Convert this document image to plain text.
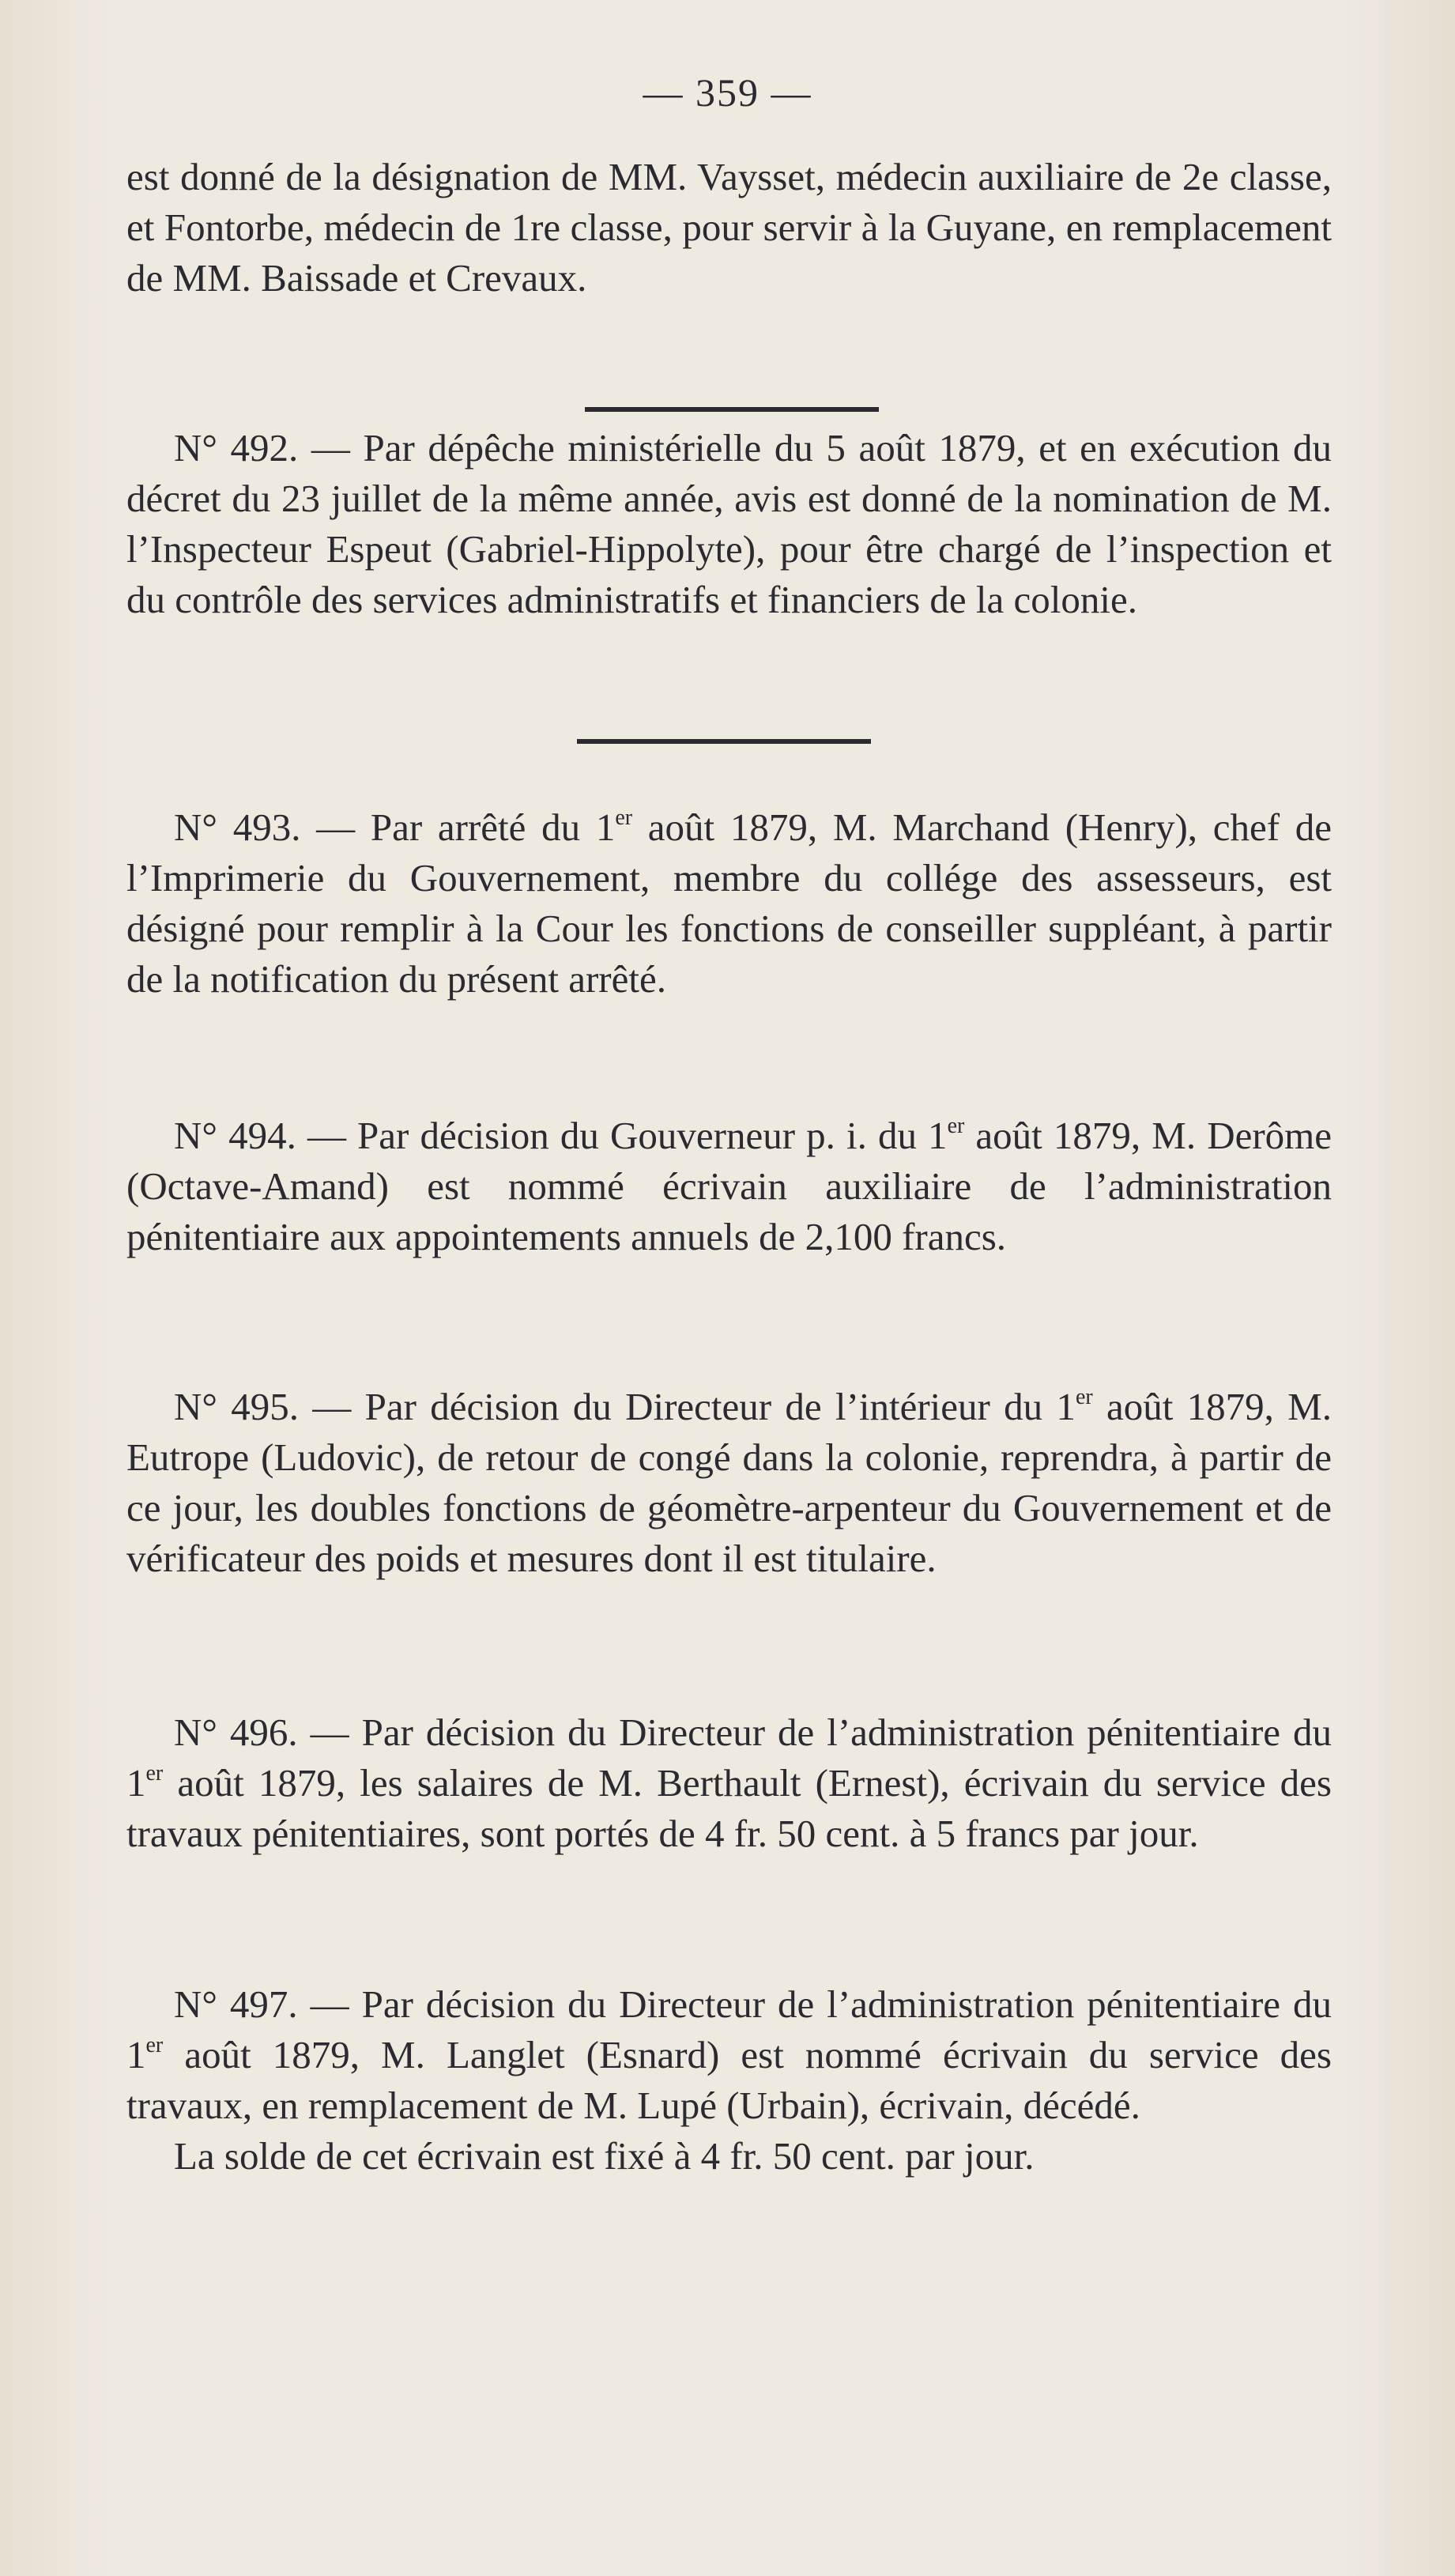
— 359 —

est donné de la désignation de MM. Vaysset, médecin auxiliaire de 2e classe, et Fontorbe, médecin de 1re classe, pour servir à la Guyane, en remplacement de MM. Baissade et Crevaux.

N° 492. — Par dépêche ministérielle du 5 août 1879, et en exécution du décret du 23 juillet de la même année, avis est donné de la nomination de M. l’Inspecteur Espeut (Gabriel-Hippolyte), pour être chargé de l’inspection et du contrôle des services administratifs et financiers de la colonie.

N° 493. — Par arrêté du 1er août 1879, M. Marchand (Henry), chef de l’Imprimerie du Gouvernement, membre du collége des assesseurs, est désigné pour remplir à la Cour les fonctions de conseiller suppléant, à partir de la notification du présent arrêté.

N° 494. — Par décision du Gouverneur p. i. du 1er août 1879, M. Derôme (Octave-Amand) est nommé écrivain auxiliaire de l’administration pénitentiaire aux appointements annuels de 2,100 francs.

N° 495. — Par décision du Directeur de l’intérieur du 1er août 1879, M. Eutrope (Ludovic), de retour de congé dans la colonie, reprendra, à partir de ce jour, les doubles fonctions de géomètre-arpenteur du Gouvernement et de vérificateur des poids et mesures dont il est titulaire.

N° 496. — Par décision du Directeur de l’administration pénitentiaire du 1er août 1879, les salaires de M. Berthault (Ernest), écrivain du service des travaux pénitentiaires, sont portés de 4 fr. 50 cent. à 5 francs par jour.

N° 497. — Par décision du Directeur de l’administration pénitentiaire du 1er août 1879, M. Langlet (Esnard) est nommé écrivain du service des travaux, en remplacement de M. Lupé (Urbain), écrivain, décédé.

La solde de cet écrivain est fixé à 4 fr. 50 cent. par jour.
